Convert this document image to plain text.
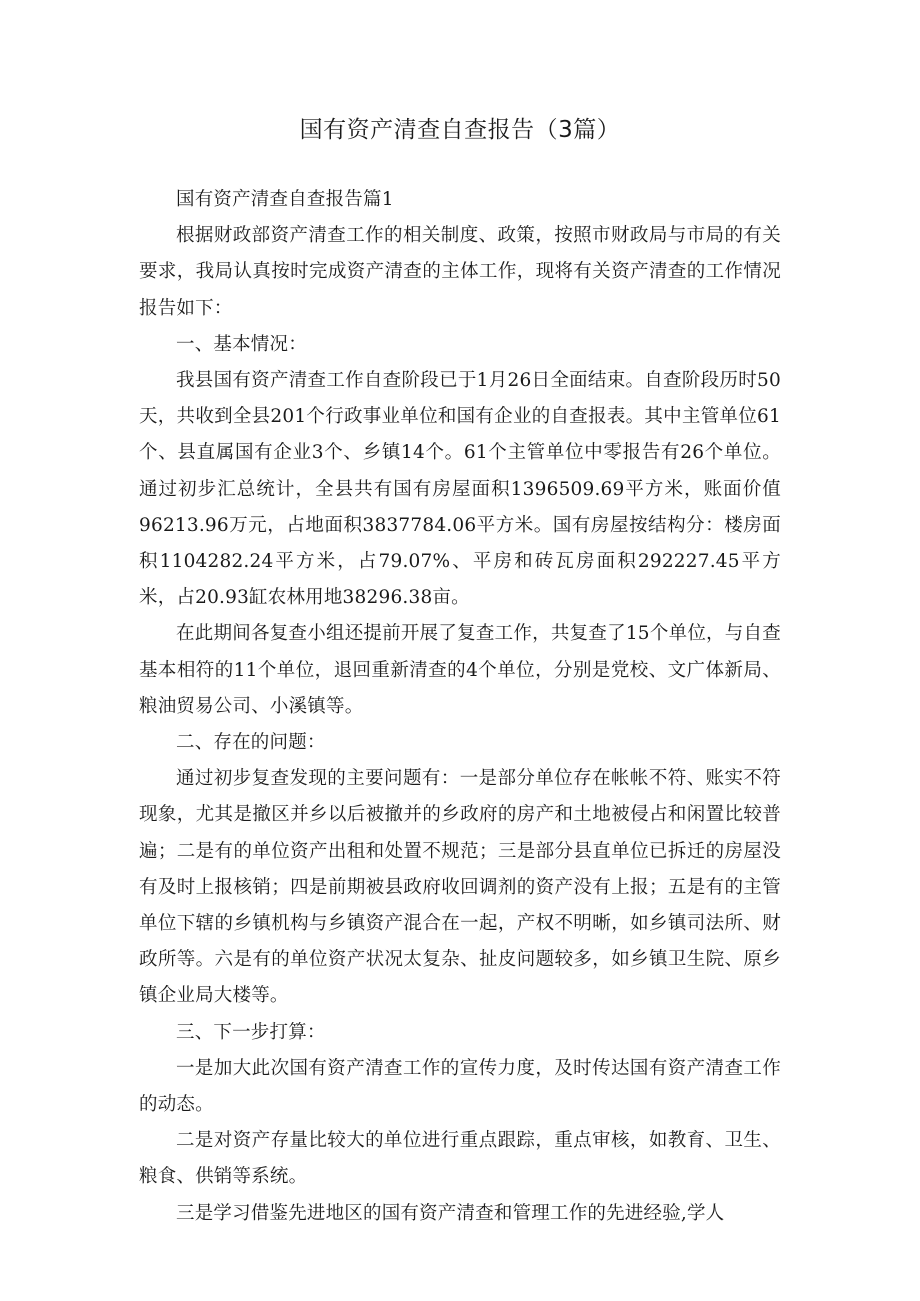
国有资产清查自查报告（3篇）

国有资产清查自查报告篇1

根据财政部资产清查工作的相关制度、政策，按照市财政局与市局的有关要求，我局认真按时完成资产清查的主体工作，现将有关资产清查的工作情况报告如下：

一、基本情况：

我县国有资产清查工作自查阶段已于1月26日全面结束。自查阶段历时50天，共收到全县201个行政事业单位和国有企业的自查报表。其中主管单位61个、县直属国有企业3个、乡镇14个。61个主管单位中零报告有26个单位。通过初步汇总统计，全县共有国有房屋面积1396509.69平方米，账面价值96213.96万元，占地面积3837784.06平方米。国有房屋按结构分：楼房面积1104282.24平方米，占79.07%、平房和砖瓦房面积292227.45平方米，占20.93缸农林用地38296.38亩。

在此期间各复查小组还提前开展了复查工作，共复查了15个单位，与自查基本相符的11个单位，退回重新清查的4个单位，分别是党校、文广体新局、粮油贸易公司、小溪镇等。

二、存在的问题：

通过初步复查发现的主要问题有：一是部分单位存在帐帐不符、账实不符现象，尤其是撤区并乡以后被撤并的乡政府的房产和土地被侵占和闲置比较普遍；二是有的单位资产出租和处置不规范；三是部分县直单位已拆迁的房屋没有及时上报核销；四是前期被县政府收回调剂的资产没有上报；五是有的主管单位下辖的乡镇机构与乡镇资产混合在一起，产权不明晰，如乡镇司法所、财政所等。六是有的单位资产状况太复杂、扯皮问题较多，如乡镇卫生院、原乡镇企业局大楼等。

三、下一步打算：

一是加大此次国有资产清查工作的宣传力度，及时传达国有资产清查工作的动态。

二是对资产存量比较大的单位进行重点跟踪，重点审核，如教育、卫生、粮食、供销等系统。

三是学习借鉴先进地区的国有资产清查和管理工作的先进经验,学人
